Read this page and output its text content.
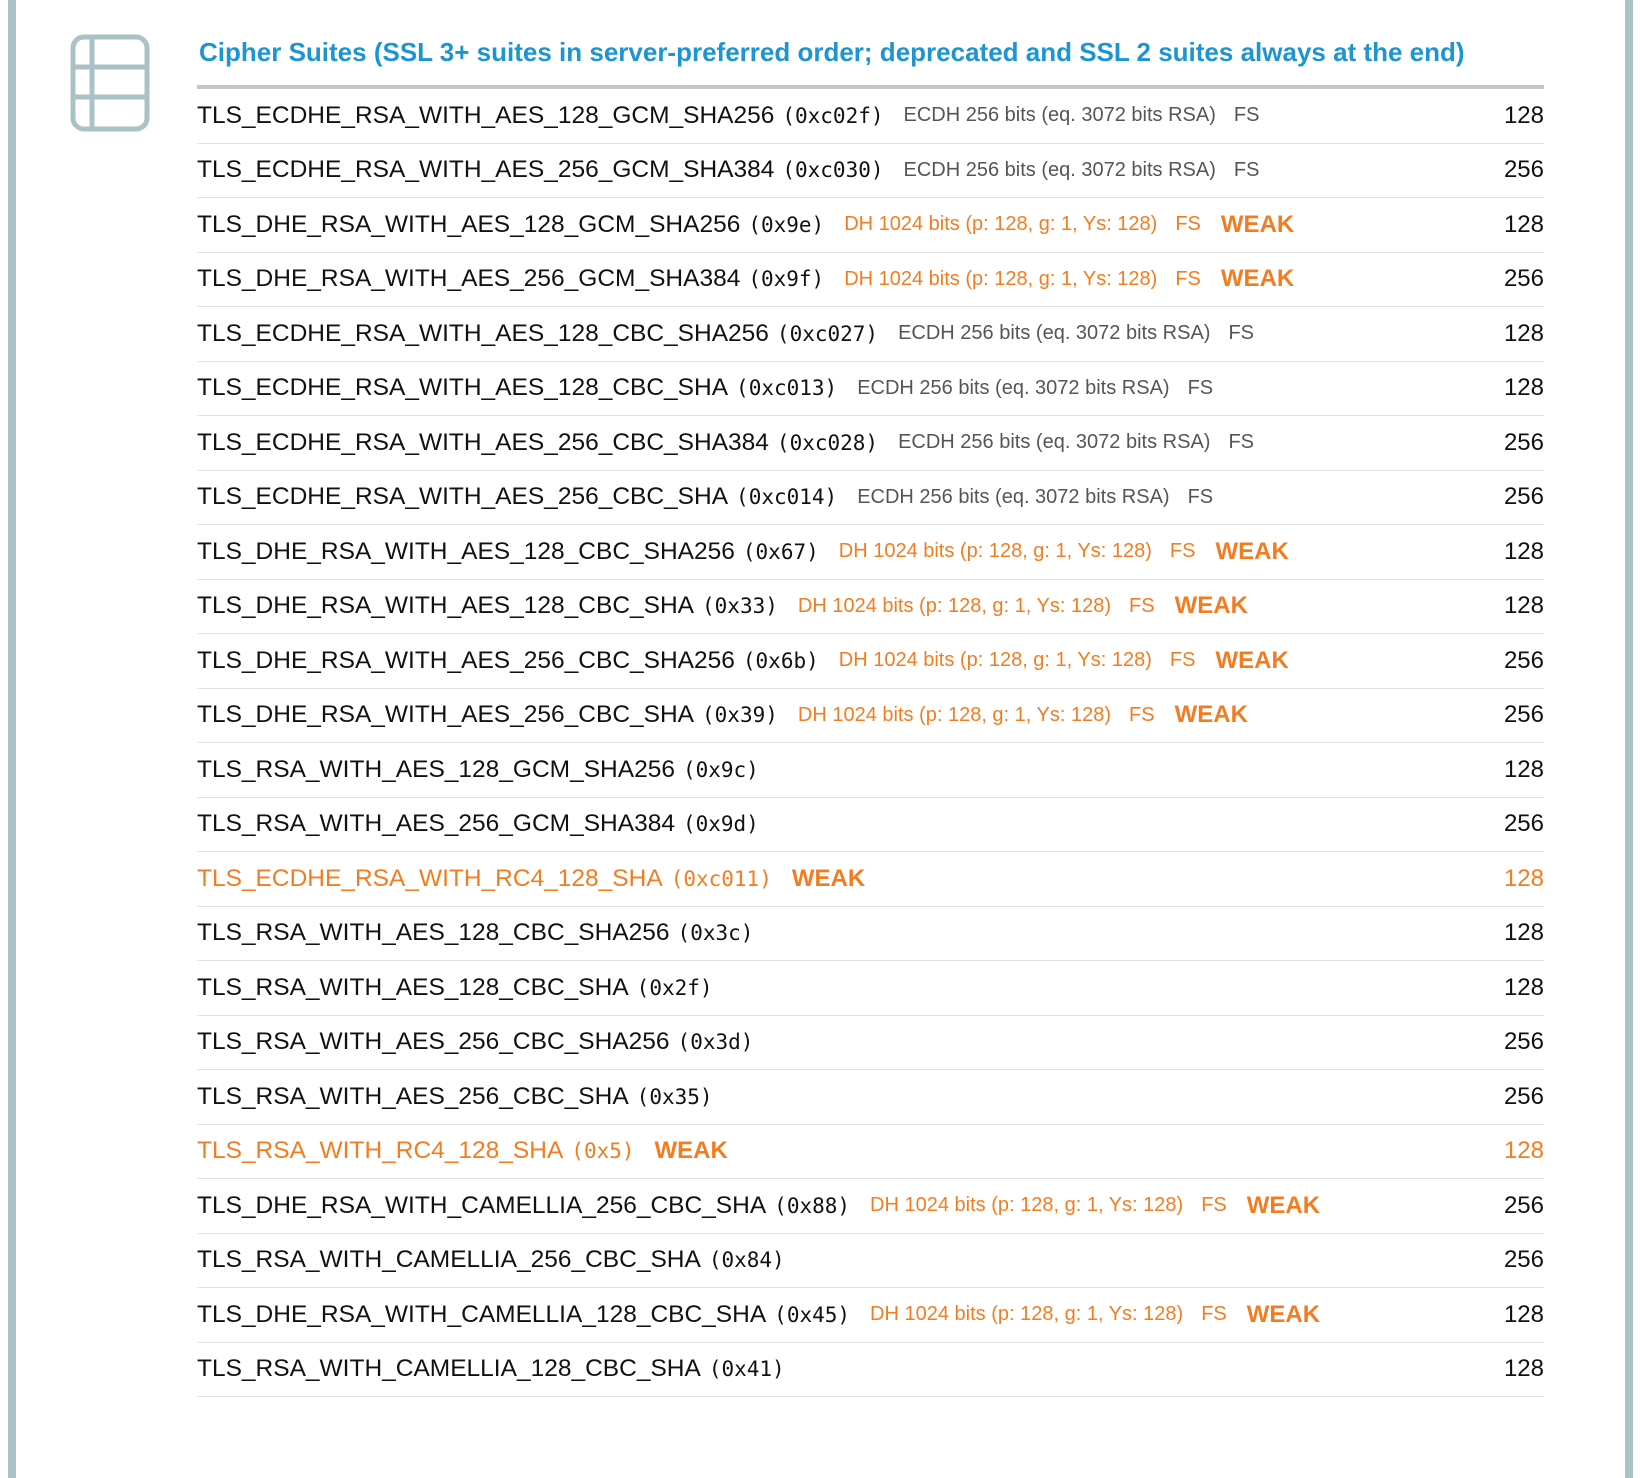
Cipher Suites (SSL 3+ suites in server-preferred order; deprecated and SSL 2 suites always at the end)
TLS_ECDHE_RSA_WITH_AES_128_GCM_SHA256 (0xc02f) ECDH 256 bits (eq. 3072 bits RSA) FS	128
TLS_ECDHE_RSA_WITH_AES_256_GCM_SHA384 (0xc030) ECDH 256 bits (eq. 3072 bits RSA) FS	256
TLS_DHE_RSA_WITH_AES_128_GCM_SHA256 (0x9e) DH 1024 bits (p: 128, g: 1, Ys: 128) FS WEAK	128
TLS_DHE_RSA_WITH_AES_256_GCM_SHA384 (0x9f) DH 1024 bits (p: 128, g: 1, Ys: 128) FS WEAK	256
TLS_ECDHE_RSA_WITH_AES_128_CBC_SHA256 (0xc027) ECDH 256 bits (eq. 3072 bits RSA) FS	128
TLS_ECDHE_RSA_WITH_AES_128_CBC_SHA (0xc013) ECDH 256 bits (eq. 3072 bits RSA) FS	128
TLS_ECDHE_RSA_WITH_AES_256_CBC_SHA384 (0xc028) ECDH 256 bits (eq. 3072 bits RSA) FS	256
TLS_ECDHE_RSA_WITH_AES_256_CBC_SHA (0xc014) ECDH 256 bits (eq. 3072 bits RSA) FS	256
TLS_DHE_RSA_WITH_AES_128_CBC_SHA256 (0x67) DH 1024 bits (p: 128, g: 1, Ys: 128) FS WEAK	128
TLS_DHE_RSA_WITH_AES_128_CBC_SHA (0x33) DH 1024 bits (p: 128, g: 1, Ys: 128) FS WEAK	128
TLS_DHE_RSA_WITH_AES_256_CBC_SHA256 (0x6b) DH 1024 bits (p: 128, g: 1, Ys: 128) FS WEAK	256
TLS_DHE_RSA_WITH_AES_256_CBC_SHA (0x39) DH 1024 bits (p: 128, g: 1, Ys: 128) FS WEAK	256
TLS_RSA_WITH_AES_128_GCM_SHA256 (0x9c)	128
TLS_RSA_WITH_AES_256_GCM_SHA384 (0x9d)	256
TLS_ECDHE_RSA_WITH_RC4_128_SHA (0xc011) WEAK	128
TLS_RSA_WITH_AES_128_CBC_SHA256 (0x3c)	128
TLS_RSA_WITH_AES_128_CBC_SHA (0x2f)	128
TLS_RSA_WITH_AES_256_CBC_SHA256 (0x3d)	256
TLS_RSA_WITH_AES_256_CBC_SHA (0x35)	256
TLS_RSA_WITH_RC4_128_SHA (0x5) WEAK	128
TLS_DHE_RSA_WITH_CAMELLIA_256_CBC_SHA (0x88) DH 1024 bits (p: 128, g: 1, Ys: 128) FS WEAK	256
TLS_RSA_WITH_CAMELLIA_256_CBC_SHA (0x84)	256
TLS_DHE_RSA_WITH_CAMELLIA_128_CBC_SHA (0x45) DH 1024 bits (p: 128, g: 1, Ys: 128) FS WEAK	128
TLS_RSA_WITH_CAMELLIA_128_CBC_SHA (0x41)	128
